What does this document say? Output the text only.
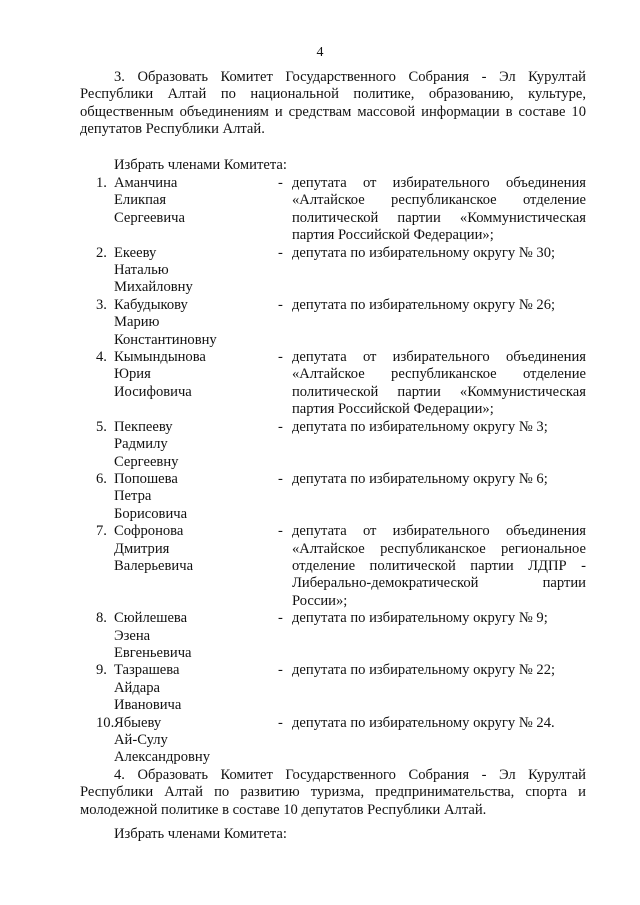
4

3. Образовать Комитет Государственного Собрания - Эл Курултай Республики Алтай по национальной политике, образованию, культуре, общественным объединениям и средствам массовой информации в составе 10 депутатов Республики Алтай.

Избрать членами Комитета:

1. Аманчина
Еликпая
Сергеевича
- депутата от избирательного объединения
«Алтайское республиканское отделение
политической партии «Коммунистическая
партия Российской Федерации»;
2. Екееву
Наталью
Михайловну
- депутата по избирательному округу № 30;
3. Кабудыкову
Марию
Константиновну
- депутата по избирательному округу № 26;
4. Кымындынова
Юрия
Иосифовича
- депутата от избирательного объединения
«Алтайское республиканское отделение
политической партии «Коммунистическая
партия Российской Федерации»;
5. Пекпееву
Радмилу
Сергеевну
- депутата по избирательному округу № 3;
6. Попошева
Петра
Борисовича
- депутата по избирательному округу № 6;
7. Софронова
Дмитрия
Валерьевича
- депутата от избирательного объединения
«Алтайское республиканское региональное
отделение политической партии ЛДПР -
Либерально-демократической партии
России»;
8. Сюйлешева
Эзена
Евгеньевича
- депутата по избирательному округу № 9;
9. Тазрашева
Айдара
Ивановича
- депутата по избирательному округу № 22;
10. Ябыеву
Ай-Сулу
Александровну
- депутата по избирательному округу № 24.

4. Образовать Комитет Государственного Собрания - Эл Курултай Республики Алтай по развитию туризма, предпринимательства, спорта и молодежной политике в составе 10 депутатов Республики Алтай.

Избрать членами Комитета:
